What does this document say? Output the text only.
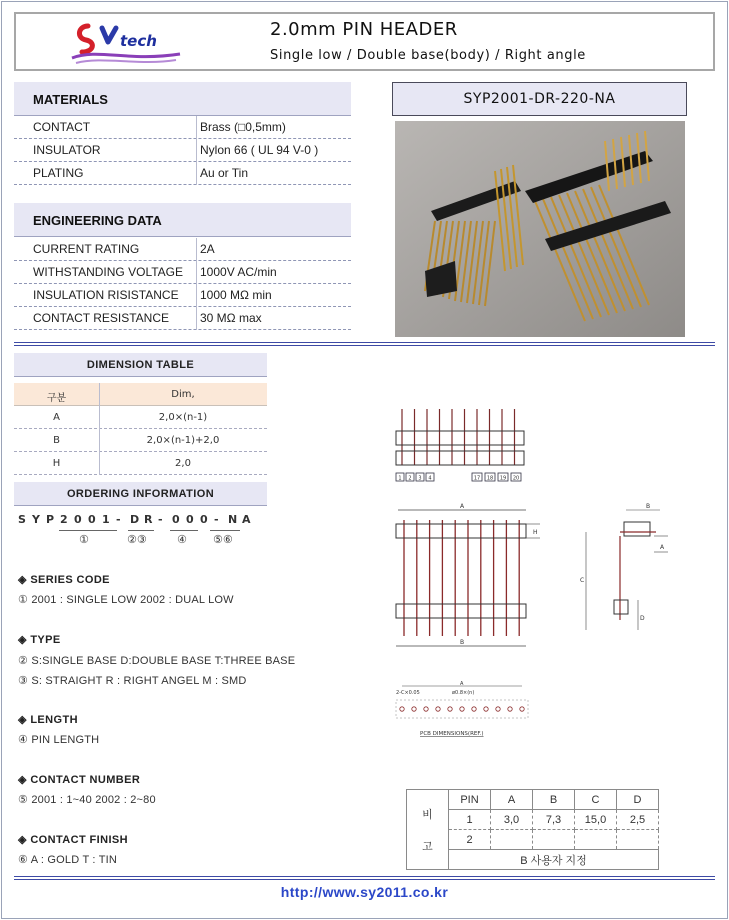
tech
2.0mm PIN HEADER
Single low / Double base(body) / Right angle
MATERIALS
CONTACT	Brass (□0,5mm)
INSULATOR	Nylon 66 ( UL 94 V-0 )
PLATING	Au or Tin
ENGINEERING DATA
CURRENT RATING	2A
WITHSTANDING VOLTAGE 1000V AC/min
INSULATION RISISTANCE 1000 MΩ min
CONTACT RESISTANCE	30 MΩ max
SYP2001-DR-220-NA
DIMENSION TABLE
구분	Dim,
A	2,0×(n-1)
B	2,0×(n-1)+2,0
H	2,0
ORDERING INFORMATION
S Y P 2 0 0 1 - D R - 0 0 0 - N A
①	②③	④ ⑤⑥
◈ SERIES CODE
① 2001 : SINGLE LOW 2002 : DUAL LOW
◈ TYPE
② S:SINGLE BASE D:DOUBLE BASE T:THREE BASE
③ S: STRAIGHT R : RIGHT ANGEL M : SMD
◈ LENGTH
④ PIN LENGTH
◈ CONTACT NUMBER
⑤ 2001 : 1~40 2002 : 2~80
◈ CONTACT FINISH
⑥ A : GOLD T : TIN
1 2 3 4	17 18 19 20
A
H
B
B
A
C
D
A
2-C×0.05	ø0.8×(n)
PCB DIMENSIONS(REF.)
비
고	PIN	A	B	C	D
	1	3,0	7,3	15,0	2,5
	2				
	B 사용자 지정				
http://www.sy2011.co.kr
